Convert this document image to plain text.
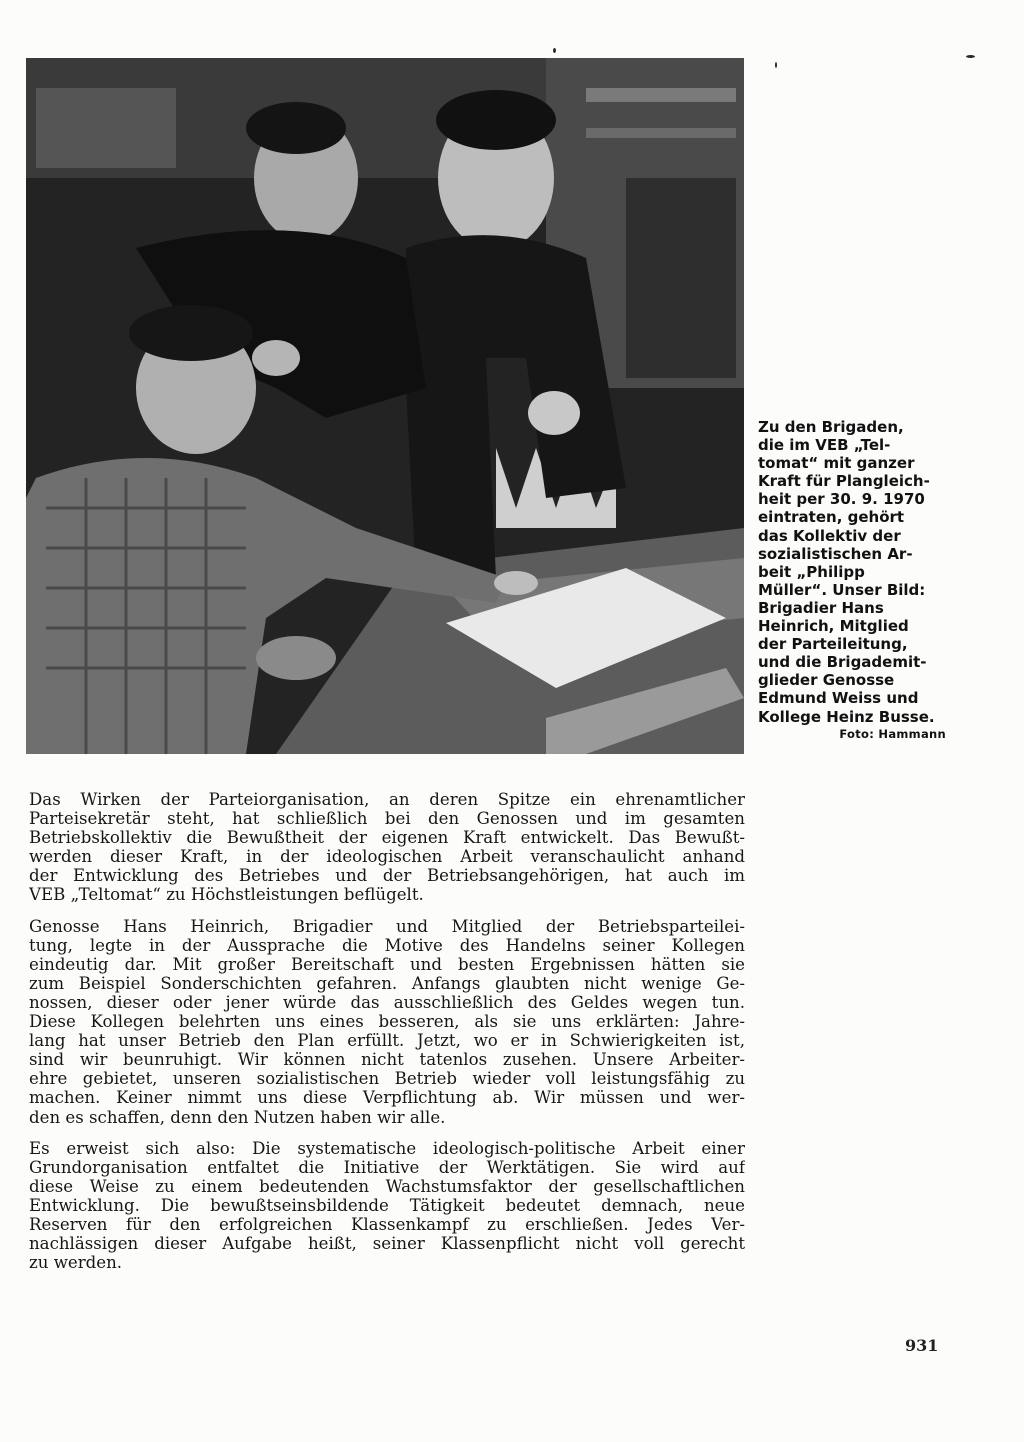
Zu den Brigaden,
die im VEB „Tel-
tomat“ mit ganzer
Kraft für Plangleich-
heit per 30. 9. 1970
eintraten, gehört
das Kollektiv der
sozialistischen Ar-
beit „Philipp
Müller“. Unser Bild:
Brigadier Hans
Heinrich, Mitglied
der Parteileitung,
und die Brigademit-
glieder Genosse
Edmund Weiss und
Kollege Heinz Busse.
Foto: Hammann
Das Wirken der Parteiorganisation, an deren Spitze ein ehrenamtlicher
Parteisekretär steht, hat schließlich bei den Genossen und im gesamten
Betriebskollektiv die Bewußtheit der eigenen Kraft entwickelt. Das Bewußt-
werden dieser Kraft, in der ideologischen Arbeit veranschaulicht anhand
der Entwicklung des Betriebes und der Betriebsangehörigen, hat auch im
VEB „Teltomat“ zu Höchstleistungen beflügelt.
Genosse Hans Heinrich, Brigadier und Mitglied der Betriebsparteilei-
tung, legte in der Aussprache die Motive des Handelns seiner Kollegen
eindeutig dar. Mit großer Bereitschaft und besten Ergebnissen hätten sie
zum Beispiel Sonderschichten gefahren. Anfangs glaubten nicht wenige Ge-
nossen, dieser oder jener würde das ausschließlich des Geldes wegen tun.
Diese Kollegen belehrten uns eines besseren, als sie uns erklärten: Jahre-
lang hat unser Betrieb den Plan erfüllt. Jetzt, wo er in Schwierigkeiten ist,
sind wir beunruhigt. Wir können nicht tatenlos zusehen. Unsere Arbeiter-
ehre gebietet, unseren sozialistischen Betrieb wieder voll leistungsfähig zu
machen. Keiner nimmt uns diese Verpflichtung ab. Wir müssen und wer-
den es schaffen, denn den Nutzen haben wir alle.
Es erweist sich also: Die systematische ideologisch-politische Arbeit einer
Grundorganisation entfaltet die Initiative der Werktätigen. Sie wird auf
diese Weise zu einem bedeutenden Wachstumsfaktor der gesellschaftlichen
Entwicklung. Die bewußtseinsbildende Tätigkeit bedeutet demnach, neue
Reserven für den erfolgreichen Klassenkampf zu erschließen. Jedes Ver-
nachlässigen dieser Aufgabe heißt, seiner Klassenpflicht nicht voll gerecht
zu werden.
931
